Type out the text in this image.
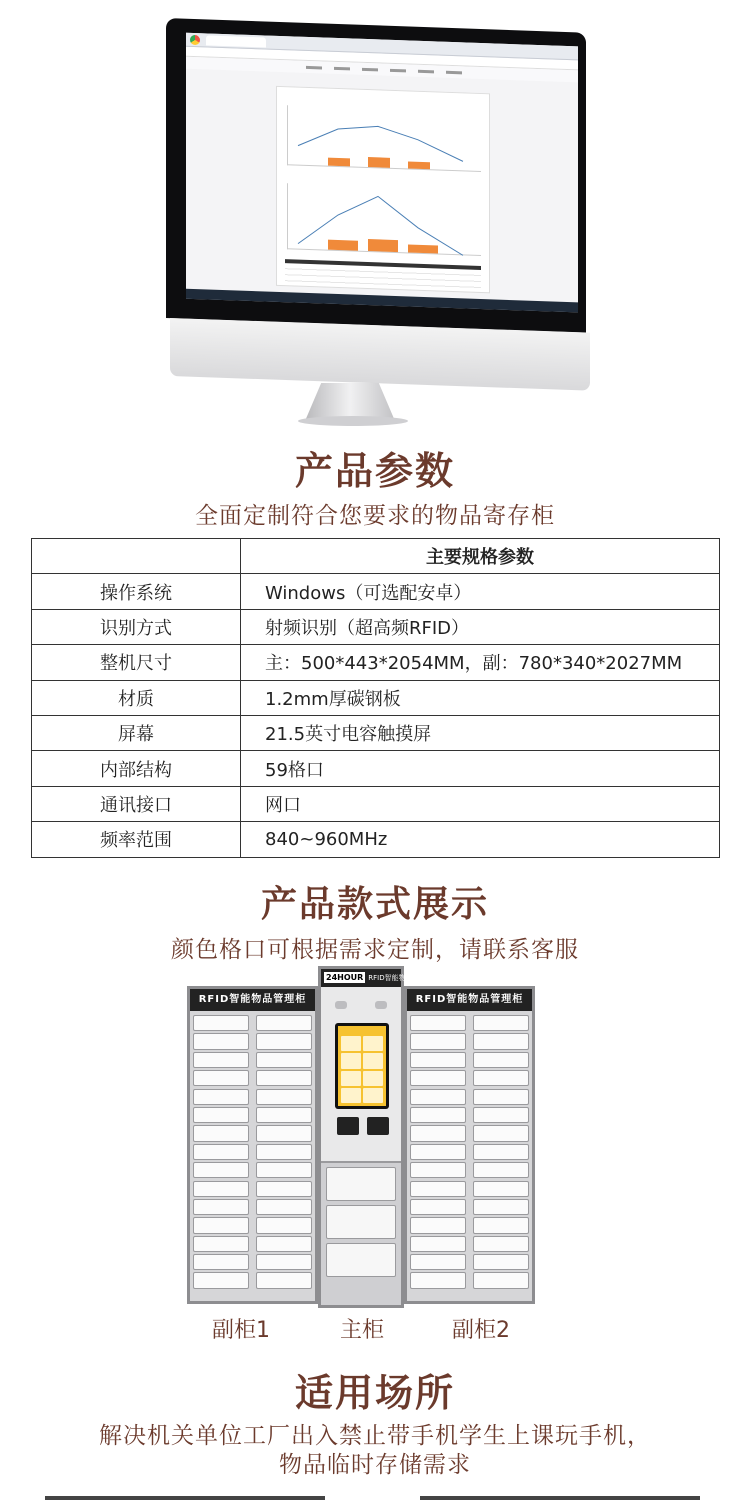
产品参数
全面定制符合您要求的物品寄存柜
	主要规格参数
操作系统	Windows（可选配安卓）
识别方式	射频识别（超高频RFID）
整机尺寸	主：500*443*2054MM，副：780*340*2027MM
材质	1.2mm厚碳钢板
屏幕	21.5英寸电容触摸屏
内部结构	59格口
通讯接口	网口
频率范围	840~960MHz
产品款式展示
颜色格口可根据需求定制，请联系客服
RFID智能物品管理柜
24HOUR RFID智能物品管理柜
RFID智能物品管理柜
副柜1	主柜	副柜2
适用场所
解决机关单位工厂出入禁止带手机学生上课玩手机，
物品临时存储需求
